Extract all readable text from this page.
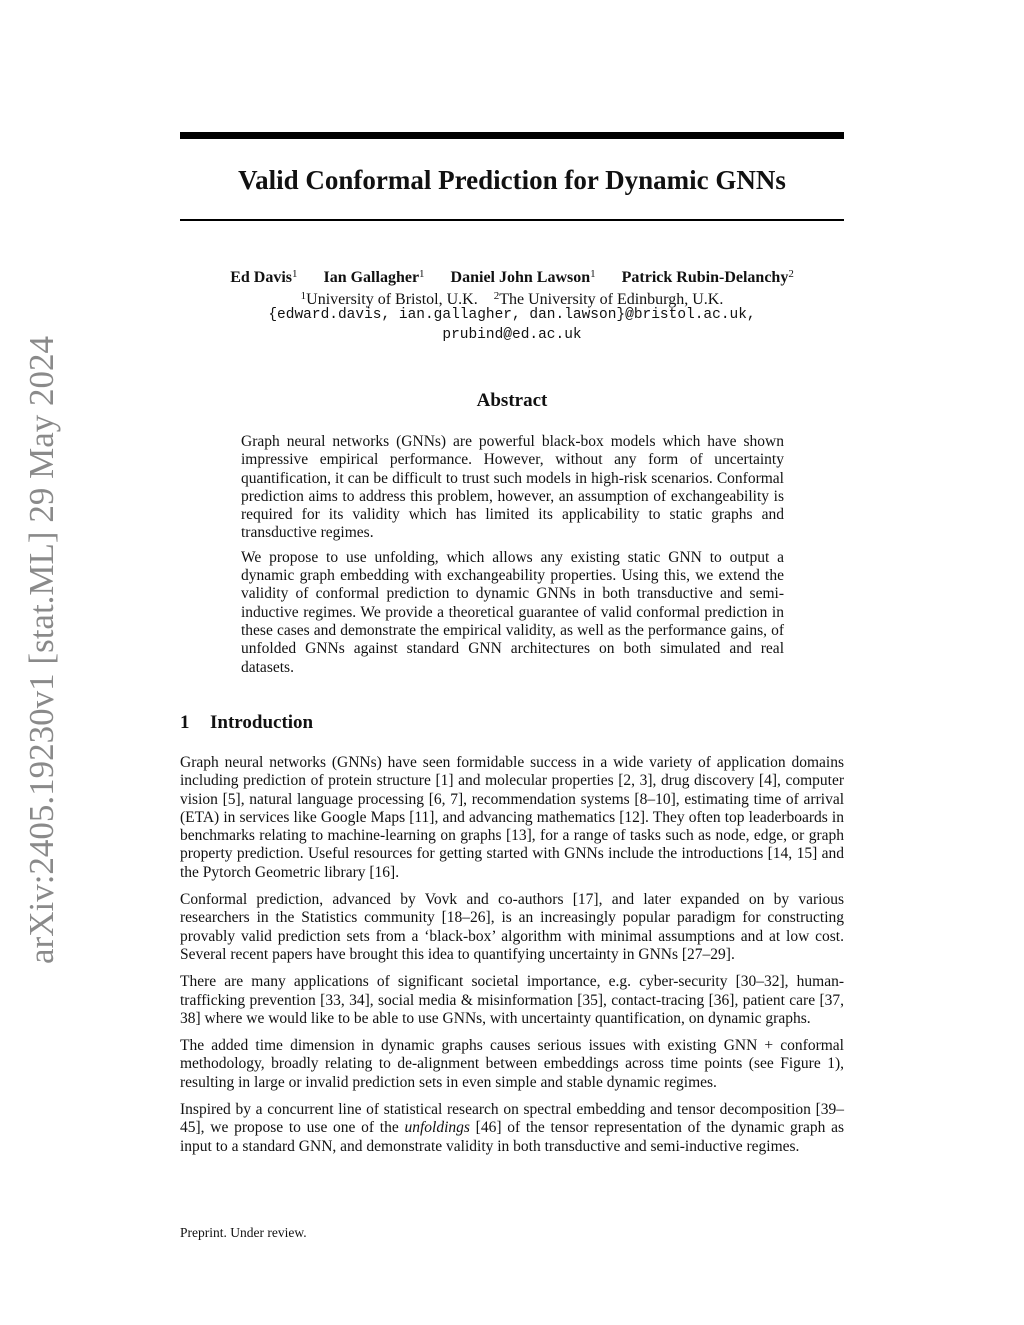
arXiv:2405.19230v1 [stat.ML] 29 May 2024
Valid Conformal Prediction for Dynamic GNNs
Ed Davis$^1$ Ian Gallagher$^1$ Daniel John Lawson$^1$ Patrick Rubin-Delanchy$^2$
$^1$University of Bristol, U.K. $^2$The University of Edinburgh, U.K.
{edward.davis, ian.gallagher, dan.lawson}@bristol.ac.uk,
prubind@ed.ac.uk
Abstract

Graph neural networks (GNNs) are powerful black-box models which have shown impressive empirical performance. However, without any form of uncertainty quantification, it can be difficult to trust such models in high-risk scenarios. Conformal prediction aims to address this problem, however, an assumption of exchangeability is required for its validity which has limited its applicability to static graphs and transductive regimes.

We propose to use unfolding, which allows any existing static GNN to output a dynamic graph embedding with exchangeability properties. Using this, we extend the validity of conformal prediction to dynamic GNNs in both transductive and semi-inductive regimes. We provide a theoretical guarantee of valid conformal prediction in these cases and demonstrate the empirical validity, as well as the performance gains, of unfolded GNNs against standard GNN architectures on both simulated and real datasets.

1 Introduction

Graph neural networks (GNNs) have seen formidable success in a wide variety of application domains including prediction of protein structure [1] and molecular properties [2, 3], drug discovery [4], computer vision [5], natural language processing [6, 7], recommendation systems [8–10], estimating time of arrival (ETA) in services like Google Maps [11], and advancing mathematics [12]. They often top leaderboards in benchmarks relating to machine-learning on graphs [13], for a range of tasks such as node, edge, or graph property prediction. Useful resources for getting started with GNNs include the introductions [14, 15] and the Pytorch Geometric library [16].

Conformal prediction, advanced by Vovk and co-authors [17], and later expanded on by various researchers in the Statistics community [18–26], is an increasingly popular paradigm for constructing provably valid prediction sets from a ‘black-box’ algorithm with minimal assumptions and at low cost. Several recent papers have brought this idea to quantifying uncertainty in GNNs [27–29].

There are many applications of significant societal importance, e.g. cyber-security [30–32], human-trafficking prevention [33, 34], social media & misinformation [35], contact-tracing [36], patient care [37, 38] where we would like to be able to use GNNs, with uncertainty quantification, on dynamic graphs.

The added time dimension in dynamic graphs causes serious issues with existing GNN + conformal methodology, broadly relating to de-alignment between embeddings across time points (see Figure 1), resulting in large or invalid prediction sets in even simple and stable dynamic regimes.

Inspired by a concurrent line of statistical research on spectral embedding and tensor decomposition [39–45], we propose to use one of the unfoldings [46] of the tensor representation of the dynamic graph as input to a standard GNN, and demonstrate validity in both transductive and semi-inductive regimes.

Preprint. Under review.
